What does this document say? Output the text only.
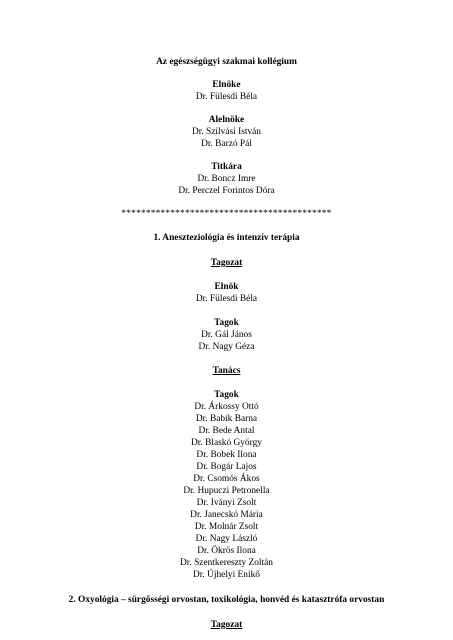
Az egészségügyi szakmai kollégium
Elnöke
Dr. Fülesdi Béla
Alelnöke
Dr. Szilvási István
Dr. Barzó Pál
Titkára
Dr. Boncz Imre
Dr. Perczel Forintos Dóra
*******************************************
1. Aneszteziológia és intenzív terápia
Tagozat
Elnök
Dr. Fülesdi Béla
Tagok
Dr. Gál János
Dr. Nagy Géza
Tanács
Tagok
Dr. Árkossy Ottó
Dr. Babik Barna
Dr. Bede Antal
Dr. Blaskó György
Dr. Bobek Ilona
Dr. Bogár Lajos
Dr. Csomós Ákos
Dr. Hupuczi Petronella
Dr. Iványi Zsolt
Dr. Janecskó Mária
Dr. Molnár Zsolt
Dr. Nagy László
Dr. Ökrös Ilona
Dr. Szentkereszty Zoltán
Dr. Újhelyi Enikő
2. Oxyológia – sürgősségi orvostan, toxikológia, honvéd és katasztrófa orvostan
Tagozat
